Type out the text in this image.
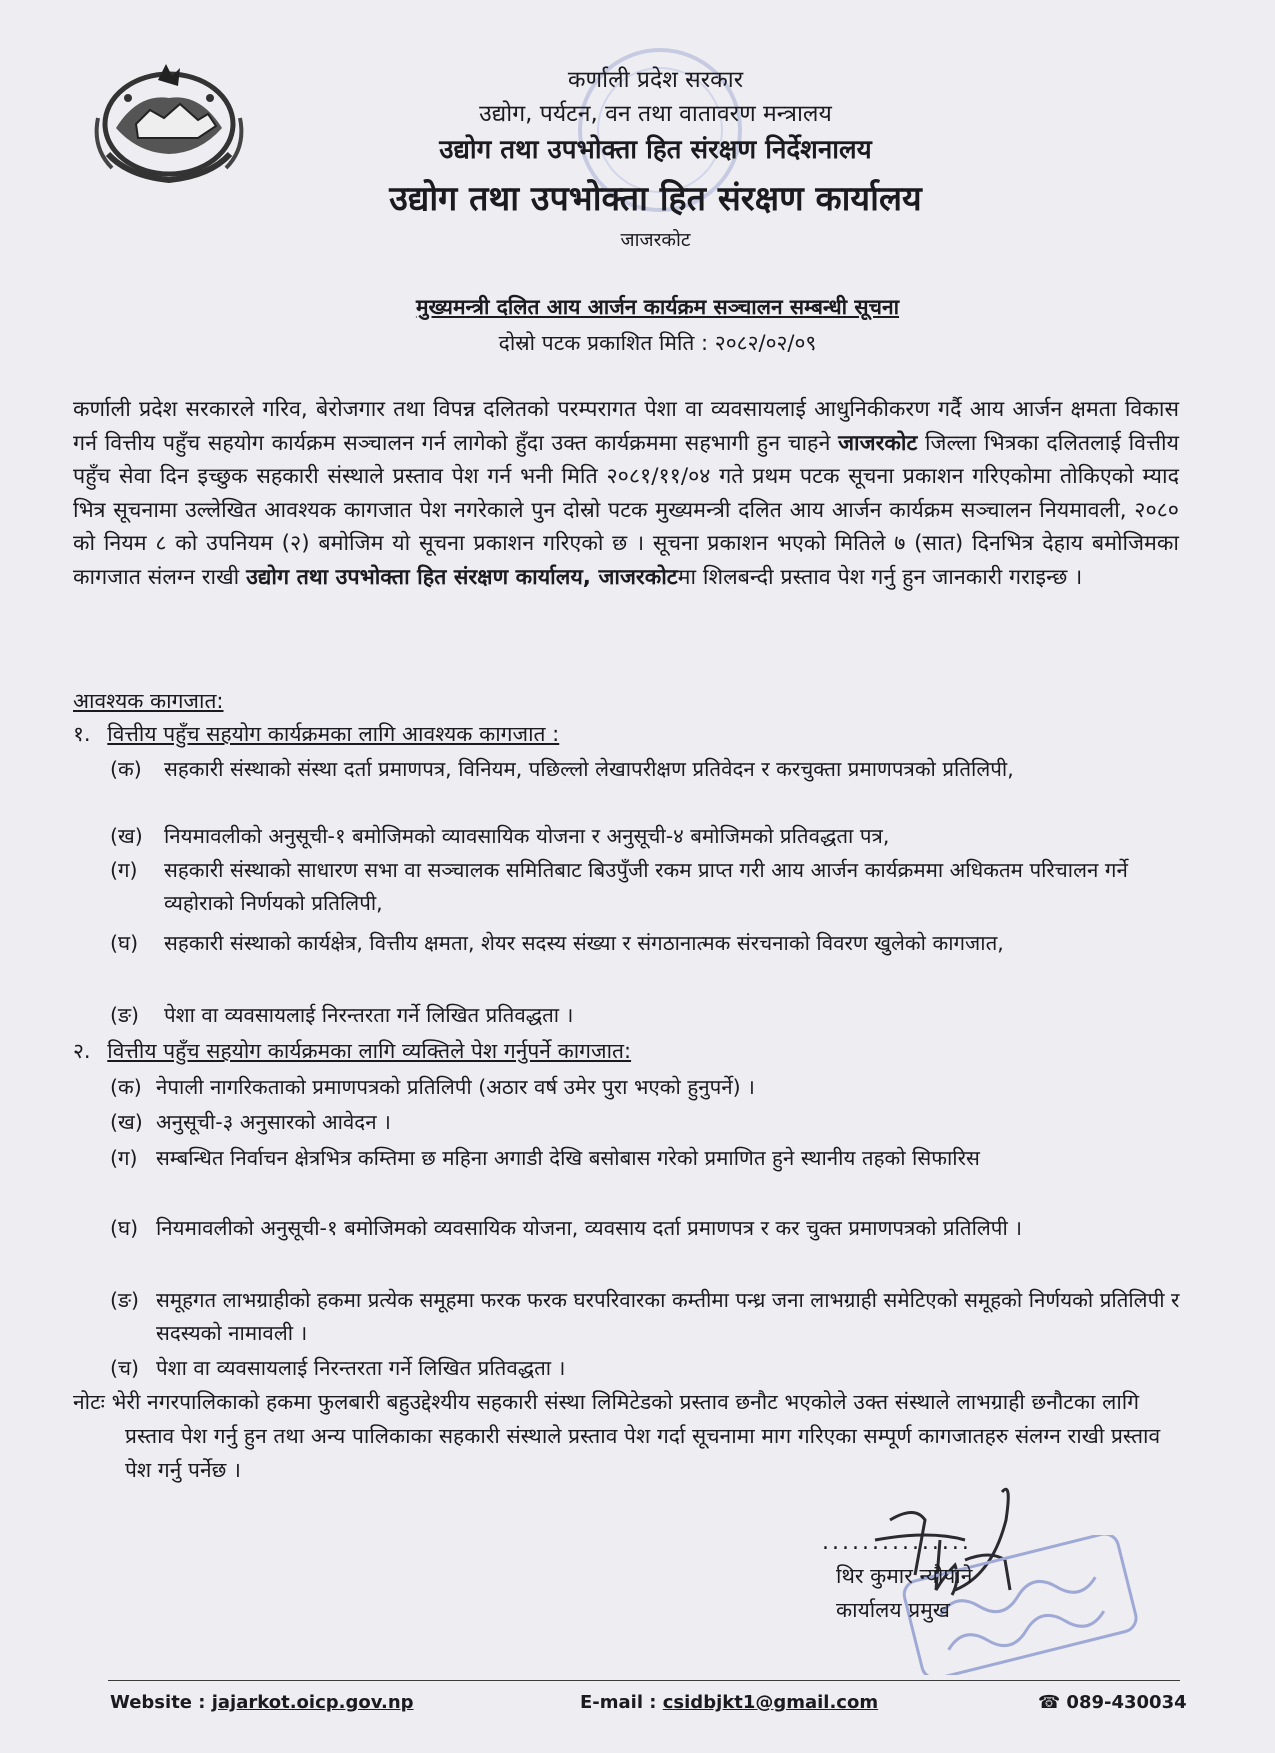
कर्णाली प्रदेश सरकार
उद्योग, पर्यटन, वन तथा वातावरण मन्त्रालय
उद्योग तथा उपभोक्ता हित संरक्षण निर्देशनालय
उद्योग तथा उपभोक्ता हित संरक्षण कार्यालय
जाजरकोट
मुख्यमन्त्री दलित आय आर्जन कार्यक्रम सञ्चालन सम्बन्धी सूचना
दोस्रो पटक प्रकाशित मिति : २०८२/०२/०९
कर्णाली प्रदेश सरकारले गरिव, बेरोजगार तथा विपन्न दलितको परम्परागत पेशा वा व्यवसायलाई आधुनिकीकरण गर्दै आय आर्जन क्षमता विकास गर्न वित्तीय पहुँच सहयोग कार्यक्रम सञ्चालन गर्न लागेको हुँदा उक्त कार्यक्रममा सहभागी हुन चाहने जाजरकोट जिल्ला भित्रका दलितलाई वित्तीय पहुँच सेवा दिन इच्छुक सहकारी संस्थाले प्रस्ताव पेश गर्न भनी मिति २०८१/११/०४ गते प्रथम पटक सूचना प्रकाशन गरिएकोमा तोकिएको म्याद भित्र सूचनामा उल्लेखित आवश्यक कागजात पेश नगरेकाले पुन दोस्रो पटक मुख्यमन्त्री दलित आय आर्जन कार्यक्रम सञ्चालन नियमावली, २०८० को नियम ८ को उपनियम (२) बमोजिम यो सूचना प्रकाशन गरिएको छ । सूचना प्रकाशन भएको मितिले ७ (सात) दिनभित्र देहाय बमोजिमका कागजात संलग्न राखी उद्योग तथा उपभोक्ता हित संरक्षण कार्यालय, जाजरकोटमा शिलबन्दी प्रस्ताव पेश गर्नु हुन जानकारी गराइन्छ ।
आवश्यक कागजात:
१. वित्तीय पहुँच सहयोग कार्यक्रमका लागि आवश्यक कागजात :
(क) सहकारी संस्थाको संस्था दर्ता प्रमाणपत्र, विनियम, पछिल्लो लेखापरीक्षण प्रतिवेदन र करचुक्ता प्रमाणपत्रको प्रतिलिपी,
(ख) नियमावलीको अनुसूची-१ बमोजिमको व्यावसायिक योजना र अनुसूची-४ बमोजिमको प्रतिवद्धता पत्र,
(ग) सहकारी संस्थाको साधारण सभा वा सञ्चालक समितिबाट बिउपुँजी रकम प्राप्त गरी आय आर्जन कार्यक्रममा अधिकतम परिचालन गर्ने व्यहोराको निर्णयको प्रतिलिपी,
(घ) सहकारी संस्थाको कार्यक्षेत्र, वित्तीय क्षमता, शेयर सदस्य संख्या र संगठानात्मक संरचनाको विवरण खुलेको कागजात,
(ङ) पेशा वा व्यवसायलाई निरन्तरता गर्ने लिखित प्रतिवद्धता ।
२. वित्तीय पहुँच सहयोग कार्यक्रमका लागि व्यक्तिले पेश गर्नुपर्ने कागजात:
(क) नेपाली नागरिकताको प्रमाणपत्रको प्रतिलिपी (अठार वर्ष उमेर पुरा भएको हुनुपर्ने) ।
(ख) अनुसूची-३ अनुसारको आवेदन ।
(ग) सम्बन्धित निर्वाचन क्षेत्रभित्र कम्तिमा छ महिना अगाडी देखि बसोबास गरेको प्रमाणित हुने स्थानीय तहको सिफारिस
(घ) नियमावलीको अनुसूची-१ बमोजिमको व्यवसायिक योजना, व्यवसाय दर्ता प्रमाणपत्र र कर चुक्त प्रमाणपत्रको प्रतिलिपी ।
(ङ) समूहगत लाभग्राहीको हकमा प्रत्येक समूहमा फरक फरक घरपरिवारका कम्तीमा पन्ध्र जना लाभग्राही समेटिएको समूहको निर्णयको प्रतिलिपी र सदस्यको नामावली ।
(च) पेशा वा व्यवसायलाई निरन्तरता गर्ने लिखित प्रतिवद्धता ।
नोटः भेरी नगरपालिकाको हकमा फुलबारी बहुउद्देश्यीय सहकारी संस्था लिमिटेडको प्रस्ताव छनौट भएकोले उक्त संस्थाले लाभग्राही छनौटका लागि प्रस्ताव पेश गर्नु हुन तथा अन्य पालिकाका सहकारी संस्थाले प्रस्ताव पेश गर्दा सूचनामा माग गरिएका सम्पूर्ण कागजातहरु संलग्न राखी प्रस्ताव पेश गर्नु पर्नेछ ।
...............
थिर कुमार न्यौपाने
कार्यालय प्रमुख
Website : jajarkot.oicp.gov.np	E-mail : csidbjkt1@gmail.com	☎ 089-430034
